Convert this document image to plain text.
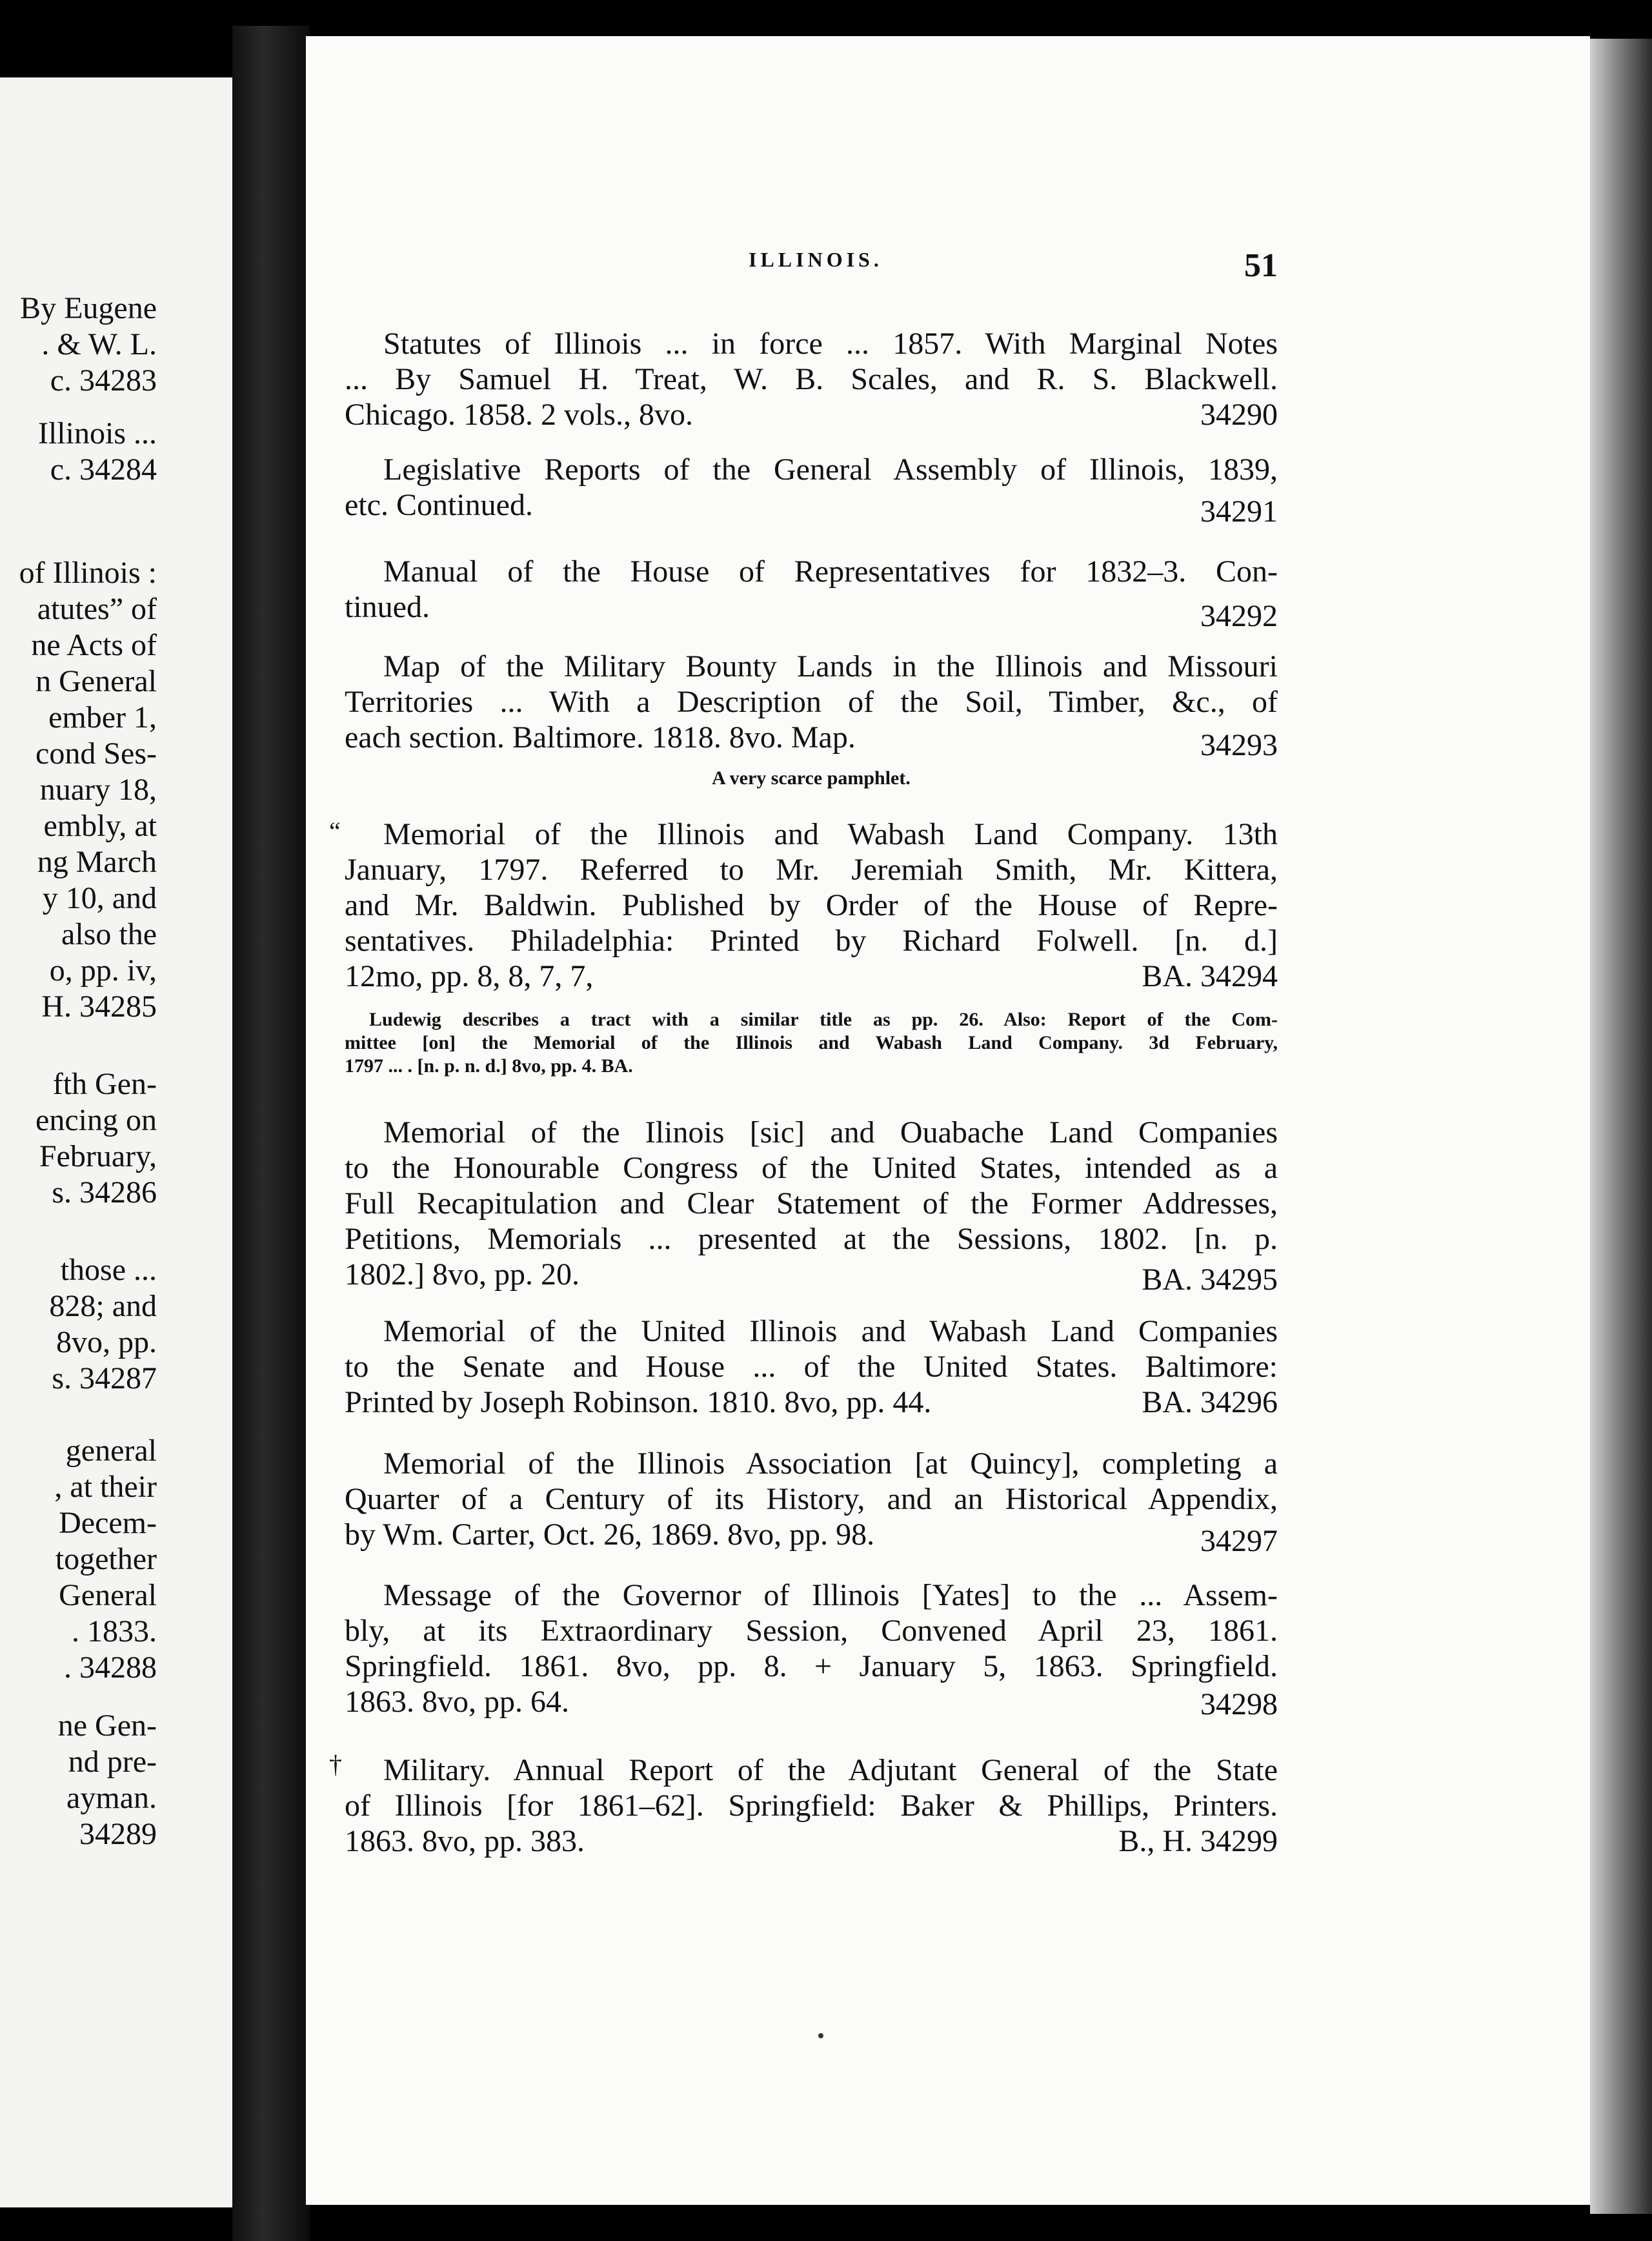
By Eugene
. & W. L.
c. 34283
Illinois ...
c. 34284
of Illinois :
atutes” of
ne Acts of
n General
ember 1,
cond Ses-
nuary 18,
embly, at
ng March
y 10, and
also the
o, pp. iv,
H. 34285
fth Gen-
encing on
February,
s. 34286
those ...
828; and
8vo, pp.
s. 34287
general
, at their
Decem-
together
General
. 1833.
. 34288
ne Gen-
nd pre-
ayman.
34289
ILLINOIS.	51
Statutes of Illinois ... in force ... 1857. With Marginal Notes
... By Samuel H. Treat, W. B. Scales, and R. S. Blackwell.
Chicago. 1858. 2 vols., 8vo.	34290
Legislative Reports of the General Assembly of Illinois, 1839,
etc. Continued.	34291
Manual of the House of Representatives for 1832–3. Con-
tinued.	34292
Map of the Military Bounty Lands in the Illinois and Missouri
Territories ... With a Description of the Soil, Timber, &c., of
each section. Baltimore. 1818. 8vo. Map.	34293
A very scarce pamphlet.
“	Memorial of the Illinois and Wabash Land Company. 13th
January, 1797. Referred to Mr. Jeremiah Smith, Mr. Kittera,
and Mr. Baldwin. Published by Order of the House of Repre-
sentatives. Philadelphia: Printed by Richard Folwell. [n. d.]
12mo, pp. 8, 8, 7, 7,	BA. 34294
Ludewig describes a tract with a similar title as pp. 26. Also: Report of the Com-
mittee [on] the Memorial of the Illinois and Wabash Land Company. 3d February,
1797 ... . [n. p. n. d.] 8vo, pp. 4. BA.
Memorial of the Ilinois [sic] and Ouabache Land Companies
to the Honourable Congress of the United States, intended as a
Full Recapitulation and Clear Statement of the Former Addresses,
Petitions, Memorials ... presented at the Sessions, 1802. [n. p.
1802.] 8vo, pp. 20.	BA. 34295
Memorial of the United Illinois and Wabash Land Companies
to the Senate and House ... of the United States. Baltimore:
Printed by Joseph Robinson. 1810. 8vo, pp. 44.	BA. 34296
Memorial of the Illinois Association [at Quincy], completing a
Quarter of a Century of its History, and an Historical Appendix,
by Wm. Carter, Oct. 26, 1869. 8vo, pp. 98.	34297
Message of the Governor of Illinois [Yates] to the ... Assem-
bly, at its Extraordinary Session, Convened April 23, 1861.
Springfield. 1861. 8vo, pp. 8. + January 5, 1863. Springfield.
1863. 8vo, pp. 64.	34298
†	Military. Annual Report of the Adjutant General of the State
of Illinois [for 1861–62]. Springfield: Baker & Phillips, Printers.
1863. 8vo, pp. 383.	B., H. 34299
